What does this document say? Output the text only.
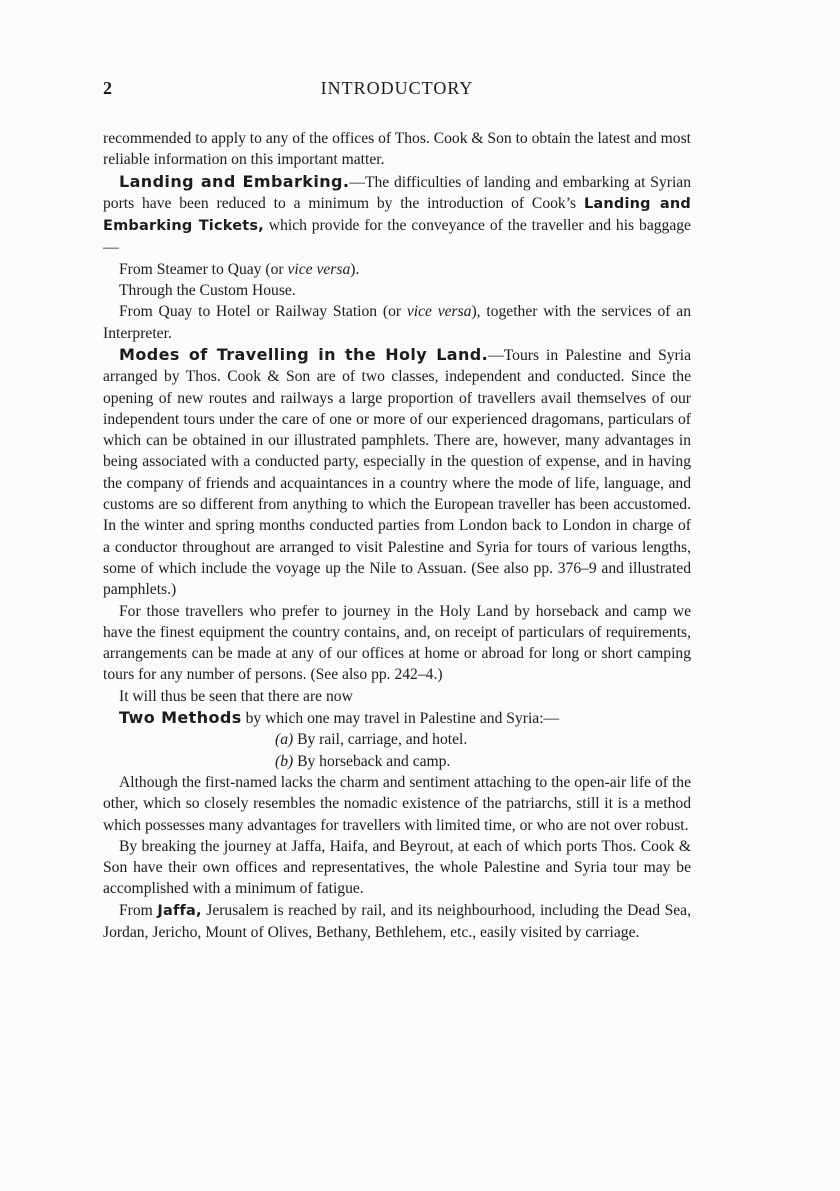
2	INTRODUCTORY

recommended to apply to any of the offices of Thos. Cook & Son to obtain the latest and most reliable information on this important matter.

Landing and Embarking.—The difficulties of landing and embarking at Syrian ports have been reduced to a minimum by the introduction of Cook’s Landing and Embarking Tickets, which provide for the conveyance of the traveller and his baggage—

From Steamer to Quay (or vice versa).

Through the Custom House.

From Quay to Hotel or Railway Station (or vice versa), together with the services of an Interpreter.

Modes of Travelling in the Holy Land.—Tours in Palestine and Syria arranged by Thos. Cook & Son are of two classes, independent and conducted. Since the opening of new routes and railways a large proportion of travellers avail themselves of our independent tours under the care of one or more of our experienced dragomans, particulars of which can be obtained in our illustrated pamphlets. There are, however, many advantages in being associated with a conducted party, especially in the question of expense, and in having the company of friends and acquaintances in a country where the mode of life, language, and customs are so different from anything to which the European traveller has been accustomed. In the winter and spring months conducted parties from London back to London in charge of a conductor throughout are arranged to visit Palestine and Syria for tours of various lengths, some of which include the voyage up the Nile to Assuan. (See also pp. 376–9 and illustrated pamphlets.)

For those travellers who prefer to journey in the Holy Land by horseback and camp we have the finest equipment the country contains, and, on receipt of particulars of requirements, arrangements can be made at any of our offices at home or abroad for long or short camping tours for any number of persons. (See also pp. 242–4.)

It will thus be seen that there are now

Two Methods by which one may travel in Palestine and Syria:—

(a) By rail, carriage, and hotel.
(b) By horseback and camp.

Although the first-named lacks the charm and sentiment attaching to the open-air life of the other, which so closely resembles the nomadic existence of the patriarchs, still it is a method which possesses many advantages for travellers with limited time, or who are not over robust.

By breaking the journey at Jaffa, Haifa, and Beyrout, at each of which ports Thos. Cook & Son have their own offices and representatives, the whole Palestine and Syria tour may be accomplished with a minimum of fatigue.

From Jaffa, Jerusalem is reached by rail, and its neighbourhood, including the Dead Sea, Jordan, Jericho, Mount of Olives, Bethany, Bethlehem, etc., easily visited by carriage.
